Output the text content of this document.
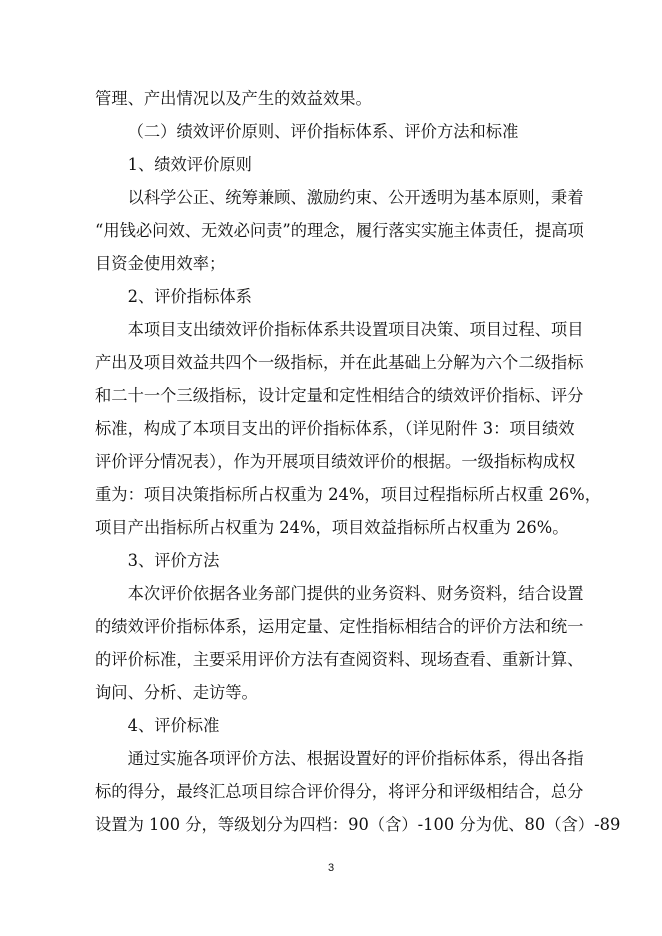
管理、产出情况以及产生的效益效果。

（二）绩效评价原则、评价指标体系、评价方法和标准

1、绩效评价原则

以科学公正、统筹兼顾、激励约束、公开透明为基本原则，秉着
“用钱必问效、无效必问责”的理念，履行落实实施主体责任，提高项
目资金使用效率；

2、评价指标体系

本项目支出绩效评价指标体系共设置项目决策、项目过程、项目
产出及项目效益共四个一级指标，并在此基础上分解为六个二级指标
和二十一个三级指标，设计定量和定性相结合的绩效评价指标、评分
标准，构成了本项目支出的评价指标体系，（详见附件 3：项目绩效
评价评分情况表），作为开展项目绩效评价的根据。一级指标构成权
重为：项目决策指标所占权重为 24%，项目过程指标所占权重 26%，
项目产出指标所占权重为 24%，项目效益指标所占权重为 26%。

3、评价方法

本次评价依据各业务部门提供的业务资料、财务资料，结合设置
的绩效评价指标体系，运用定量、定性指标相结合的评价方法和统一
的评价标准，主要采用评价方法有查阅资料、现场查看、重新计算、
询问、分析、走访等。

4、评价标准

通过实施各项评价方法、根据设置好的评价指标体系，得出各指
标的得分，最终汇总项目综合评价得分，将评分和评级相结合，总分
设置为 100 分，等级划分为四档：90（含）-100 分为优、80（含）-89

3
